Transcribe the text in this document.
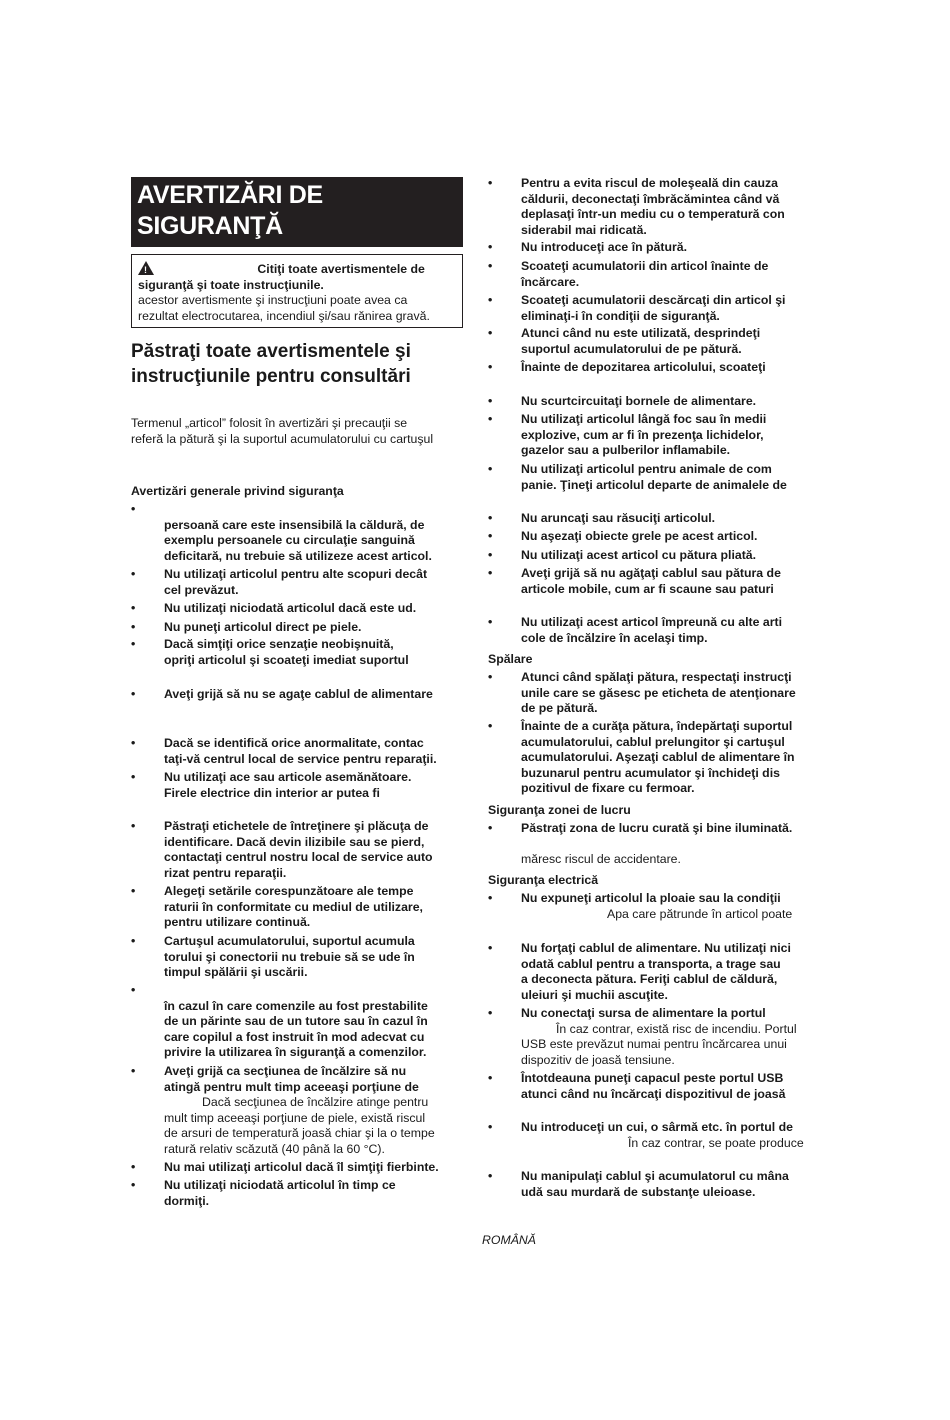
AVERTIZĂRI DE
SIGURANŢĂ
!	Citiţi toate avertismentele de
siguranţă şi toate instrucţiunile.
acestor avertismente şi instrucţiuni poate avea ca
rezultat electrocutarea, incendiul şi/sau rănirea gravă.
Păstraţi toate avertismentele şi
instrucţiunile pentru consultări
Termenul „articol” folosit în avertizări şi precauţii se
referă la pătură şi la suportul acumulatorului cu cartuşul
Avertizări generale privind siguranţa
•
persoană care este insensibilă la căldură, de
exemplu persoanele cu circulaţie sanguină
deficitară, nu trebuie să utilizeze acest articol.
• Nu utilizaţi articolul pentru alte scopuri decât
cel prevăzut.
• Nu utilizaţi niciodată articolul dacă este ud.
• Nu puneţi articolul direct pe piele.
• Dacă simţiţi orice senzaţie neobişnuită,
opriţi articolul şi scoateţi imediat suportul
• Aveţi grijă să nu se agaţe cablul de alimentare
• Dacă se identifică orice anormalitate, contac
taţi-vă centrul local de service pentru reparaţii.
• Nu utilizaţi ace sau articole asemănătoare.
Firele electrice din interior ar putea fi
• Păstraţi etichetele de întreţinere şi plăcuţa de
identificare. Dacă devin ilizibile sau se pierd,
contactaţi centrul nostru local de service auto
rizat pentru reparaţii.
• Alegeţi setările corespunzătoare ale tempe
raturii în conformitate cu mediul de utilizare,
pentru utilizare continuă.
• Cartuşul acumulatorului, suportul acumula
torului şi conectorii nu trebuie să se ude în
timpul spălării şi uscării.
•
în cazul în care comenzile au fost prestabilite
de un părinte sau de un tutore sau în cazul în
care copilul a fost instruit în mod adecvat cu
privire la utilizarea în siguranţă a comenzilor.
• Aveţi grijă ca secţiunea de încălzire să nu
atingă pentru mult timp aceeaşi porţiune de
Dacă secţiunea de încălzire atinge pentru
mult timp aceeaşi porţiune de piele, există riscul
de arsuri de temperatură joasă chiar şi la o tempe
ratură relativ scăzută (40 până la 60 °C).
• Nu mai utilizaţi articolul dacă îl simţiţi fierbinte.
• Nu utilizaţi niciodată articolul în timp ce
dormiţi.
• Pentru a evita riscul de moleşeală din cauza
căldurii, deconectaţi îmbrăcămintea când vă
deplasaţi într-un mediu cu o temperatură con
siderabil mai ridicată.
• Nu introduceţi ace în pătură.
• Scoateţi acumulatorii din articol înainte de
încărcare.
• Scoateţi acumulatorii descărcaţi din articol şi
eliminaţi-i în condiţii de siguranţă.
• Atunci când nu este utilizată, desprindeţi
suportul acumulatorului de pe pătură.
• Înainte de depozitarea articolului, scoateţi
• Nu scurtcircuitaţi bornele de alimentare.
• Nu utilizaţi articolul lângă foc sau în medii
explozive, cum ar fi în prezenţa lichidelor,
gazelor sau a pulberilor inflamabile.
• Nu utilizaţi articolul pentru animale de com
panie. Ţineţi articolul departe de animalele de
• Nu aruncaţi sau răsuciţi articolul.
• Nu aşezaţi obiecte grele pe acest articol.
• Nu utilizaţi acest articol cu pătura pliată.
• Aveţi grijă să nu agăţaţi cablul sau pătura de
articole mobile, cum ar fi scaune sau paturi
• Nu utilizaţi acest articol împreună cu alte arti
cole de încălzire în acelaşi timp.
Spălare
• Atunci când spălaţi pătura, respectaţi instrucţi
unile care se găsesc pe eticheta de atenţionare
de pe pătură.
• Înainte de a curăţa pătura, îndepărtaţi suportul
acumulatorului, cablul prelungitor şi cartuşul
acumulatorului. Aşezaţi cablul de alimentare în
buzunarul pentru acumulator şi închideţi dis
pozitivul de fixare cu fermoar.
Siguranţa zonei de lucru
• Păstraţi zona de lucru curată şi bine iluminată.
măresc riscul de accidentare.
Siguranţa electrică
• Nu expuneţi articolul la ploaie sau la condiţii
Apa care pătrunde în articol poate
• Nu forţaţi cablul de alimentare. Nu utilizaţi nici
odată cablul pentru a transporta, a trage sau
a deconecta pătura. Feriţi cablul de căldură,
uleiuri şi muchii ascuţite.
• Nu conectaţi sursa de alimentare la portul
În caz contrar, există risc de incendiu. Portul
USB este prevăzut numai pentru încărcarea unui
dispozitiv de joasă tensiune.
• Întotdeauna puneţi capacul peste portul USB
atunci când nu încărcaţi dispozitivul de joasă
• Nu introduceţi un cui, o sârmă etc. în portul de
În caz contrar, se poate produce
• Nu manipulaţi cablul şi acumulatorul cu mâna
udă sau murdară de substanţe uleioase.
ROMÂNĂ
